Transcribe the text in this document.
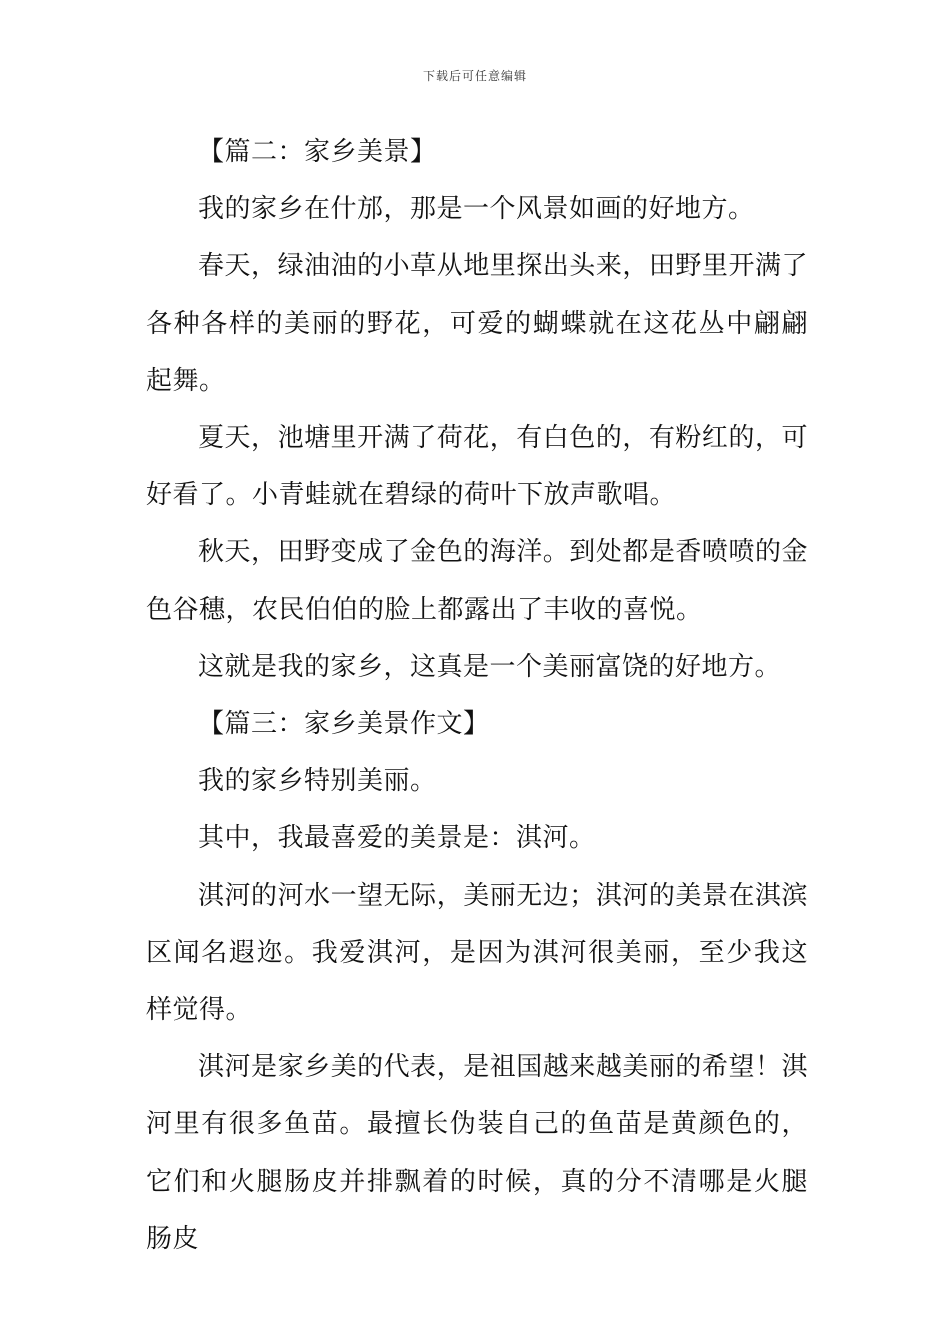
下载后可任意编辑

【篇二：家乡美景】

我的家乡在什邡，那是一个风景如画的好地方。

春天，绿油油的小草从地里探出头来，田野里开满了各种各样的美丽的野花，可爱的蝴蝶就在这花丛中翩翩起舞。

夏天，池塘里开满了荷花，有白色的，有粉红的，可好看了。小青蛙就在碧绿的荷叶下放声歌唱。

秋天，田野变成了金色的海洋。到处都是香喷喷的金色谷穗，农民伯伯的脸上都露出了丰收的喜悦。

这就是我的家乡，这真是一个美丽富饶的好地方。

【篇三：家乡美景作文】

我的家乡特别美丽。

其中，我最喜爱的美景是：淇河。

淇河的河水一望无际，美丽无边；淇河的美景在淇滨区闻名遐迩。我爱淇河，是因为淇河很美丽，至少我这样觉得。

淇河是家乡美的代表，是祖国越来越美丽的希望！淇河里有很多鱼苗。最擅长伪装自己的鱼苗是黄颜色的，它们和火腿肠皮并排飘着的时候，真的分不清哪是火腿肠皮
